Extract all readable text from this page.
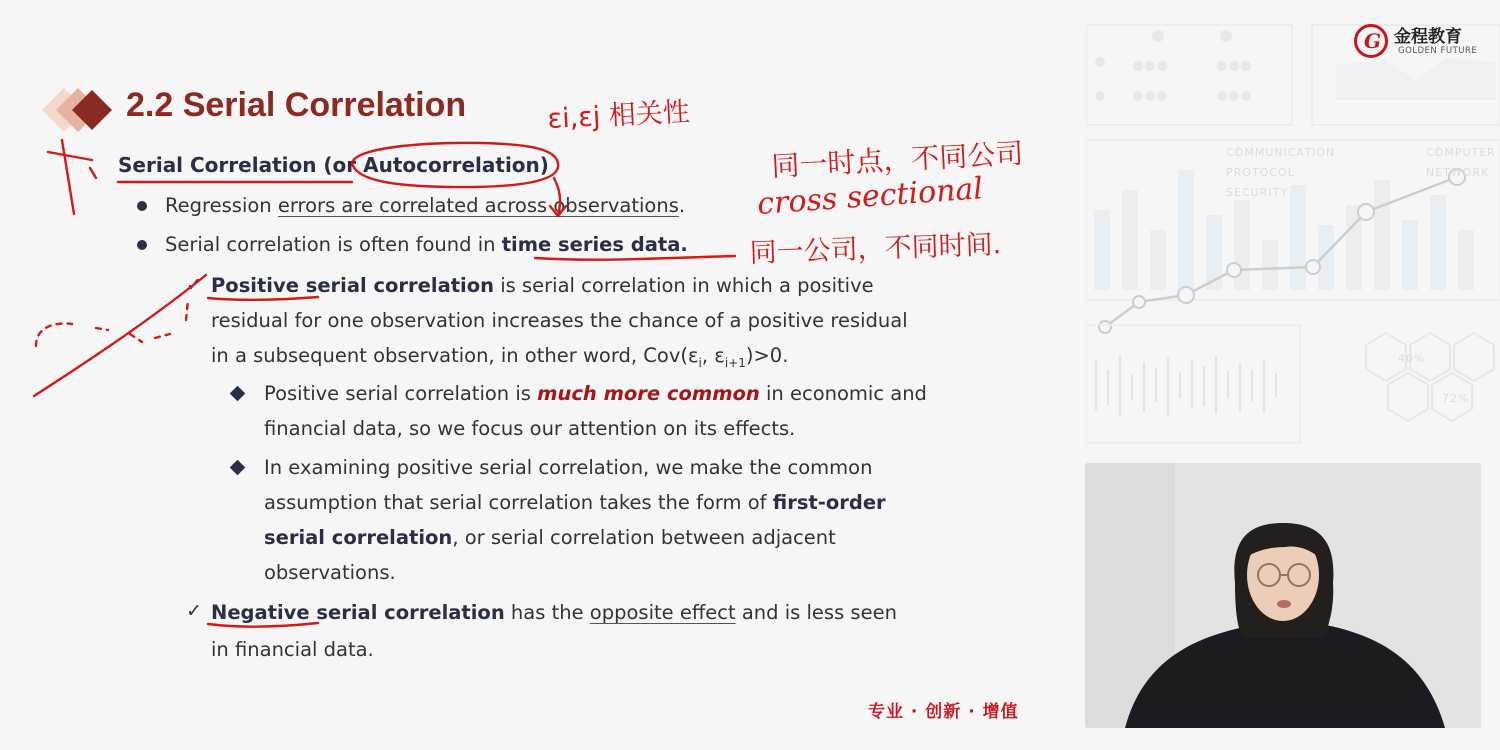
2.2 Serial Correlation
Serial Correlation (or Autocorrelation)
Regression errors are correlated across observations.
Serial correlation is often found in time series data.
✓ Positive serial correlation is serial correlation in which a positive
residual for one observation increases the chance of a positive residual
in a subsequent observation, in other word, $Cov(\varepsilon_i$, $\varepsilon_{i+1})>0$.
Positive serial correlation is much more common in economic and
financial data, so we focus our attention on its effects.
In examining positive serial correlation, we make the common
assumption that serial correlation takes the form of first-order
serial correlation, or serial correlation between adjacent
observations.
✓ Negative serial correlation has the opposite effect and is less seen
in financial data.
COMMUNICATION
PROTOCOL
SECURITY
COMPUTER
NETWORK
40%
72%
G 金程教育
GOLDEN FUTURE
专业 · 创新 · 增值
εi,εj 相关性
同一时点，不同公司
cross sectional
同一公司，不同时间.
